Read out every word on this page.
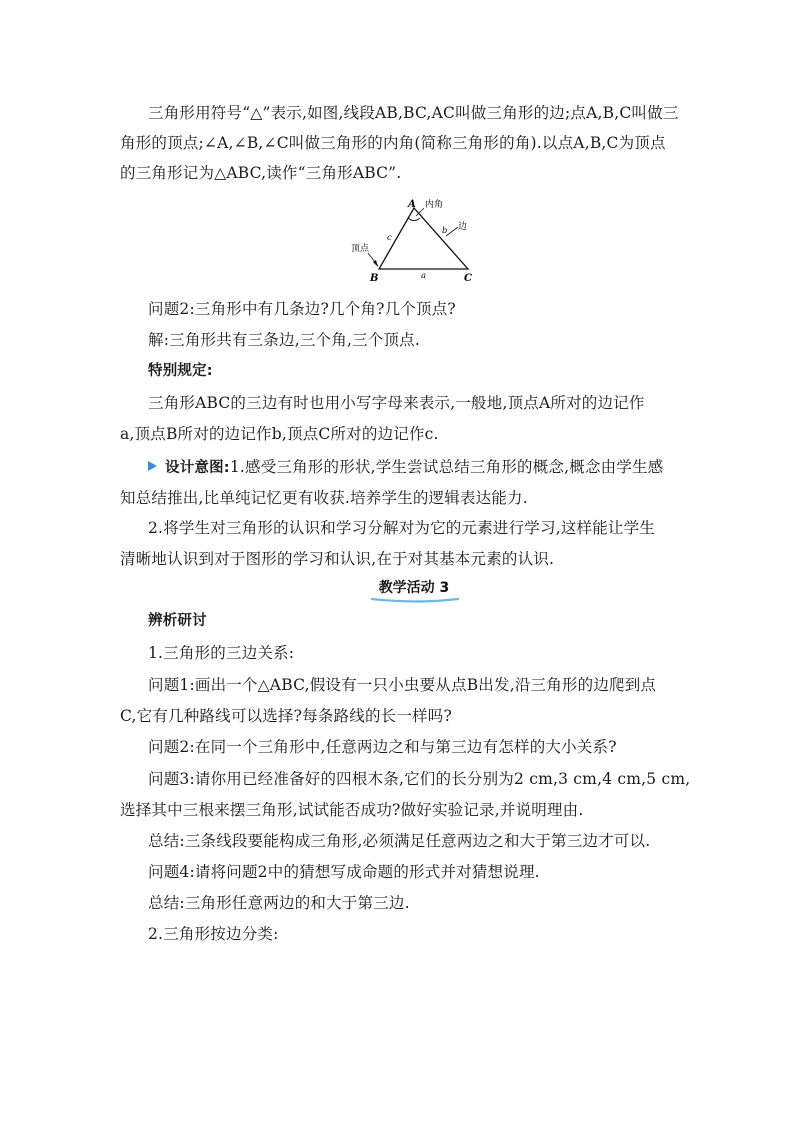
三角形用符号“△”表示,如图,线段AB,BC,AC叫做三角形的边;点A,B,C叫做三
角形的顶点;∠A,∠B,∠C叫做三角形的内角(简称三角形的角).以点A,B,C为顶点
的三角形记为△ABC,读作“三角形ABC”.
A
B	C
a
b
c
内角
边
顶点
问题2:三角形中有几条边?几个角?几个顶点?
解:三角形共有三条边,三个角,三个顶点.
特别规定:
三角形ABC的三边有时也用小写字母来表示,一般地,顶点A所对的边记作
a,顶点B所对的边记作b,顶点C所对的边记作c.
设计意图:1.感受三角形的形状,学生尝试总结三角形的概念,概念由学生感
知总结推出,比单纯记忆更有收获.培养学生的逻辑表达能力.
2.将学生对三角形的认识和学习分解对为它的元素进行学习,这样能让学生
清晰地认识到对于图形的学习和认识,在于对其基本元素的认识.
教学活动 3
辨析研讨
1.三角形的三边关系:
问题1:画出一个△ABC,假设有一只小虫要从点B出发,沿三角形的边爬到点
C,它有几种路线可以选择?每条路线的长一样吗?
问题2:在同一个三角形中,任意两边之和与第三边有怎样的大小关系?
问题3:请你用已经准备好的四根木条,它们的长分别为2 cm,3 cm,4 cm,5 cm,
选择其中三根来摆三角形,试试能否成功?做好实验记录,并说明理由.
总结:三条线段要能构成三角形,必须满足任意两边之和大于第三边才可以.
问题4:请将问题2中的猜想写成命题的形式并对猜想说理.
总结:三角形任意两边的和大于第三边.
2.三角形按边分类:
